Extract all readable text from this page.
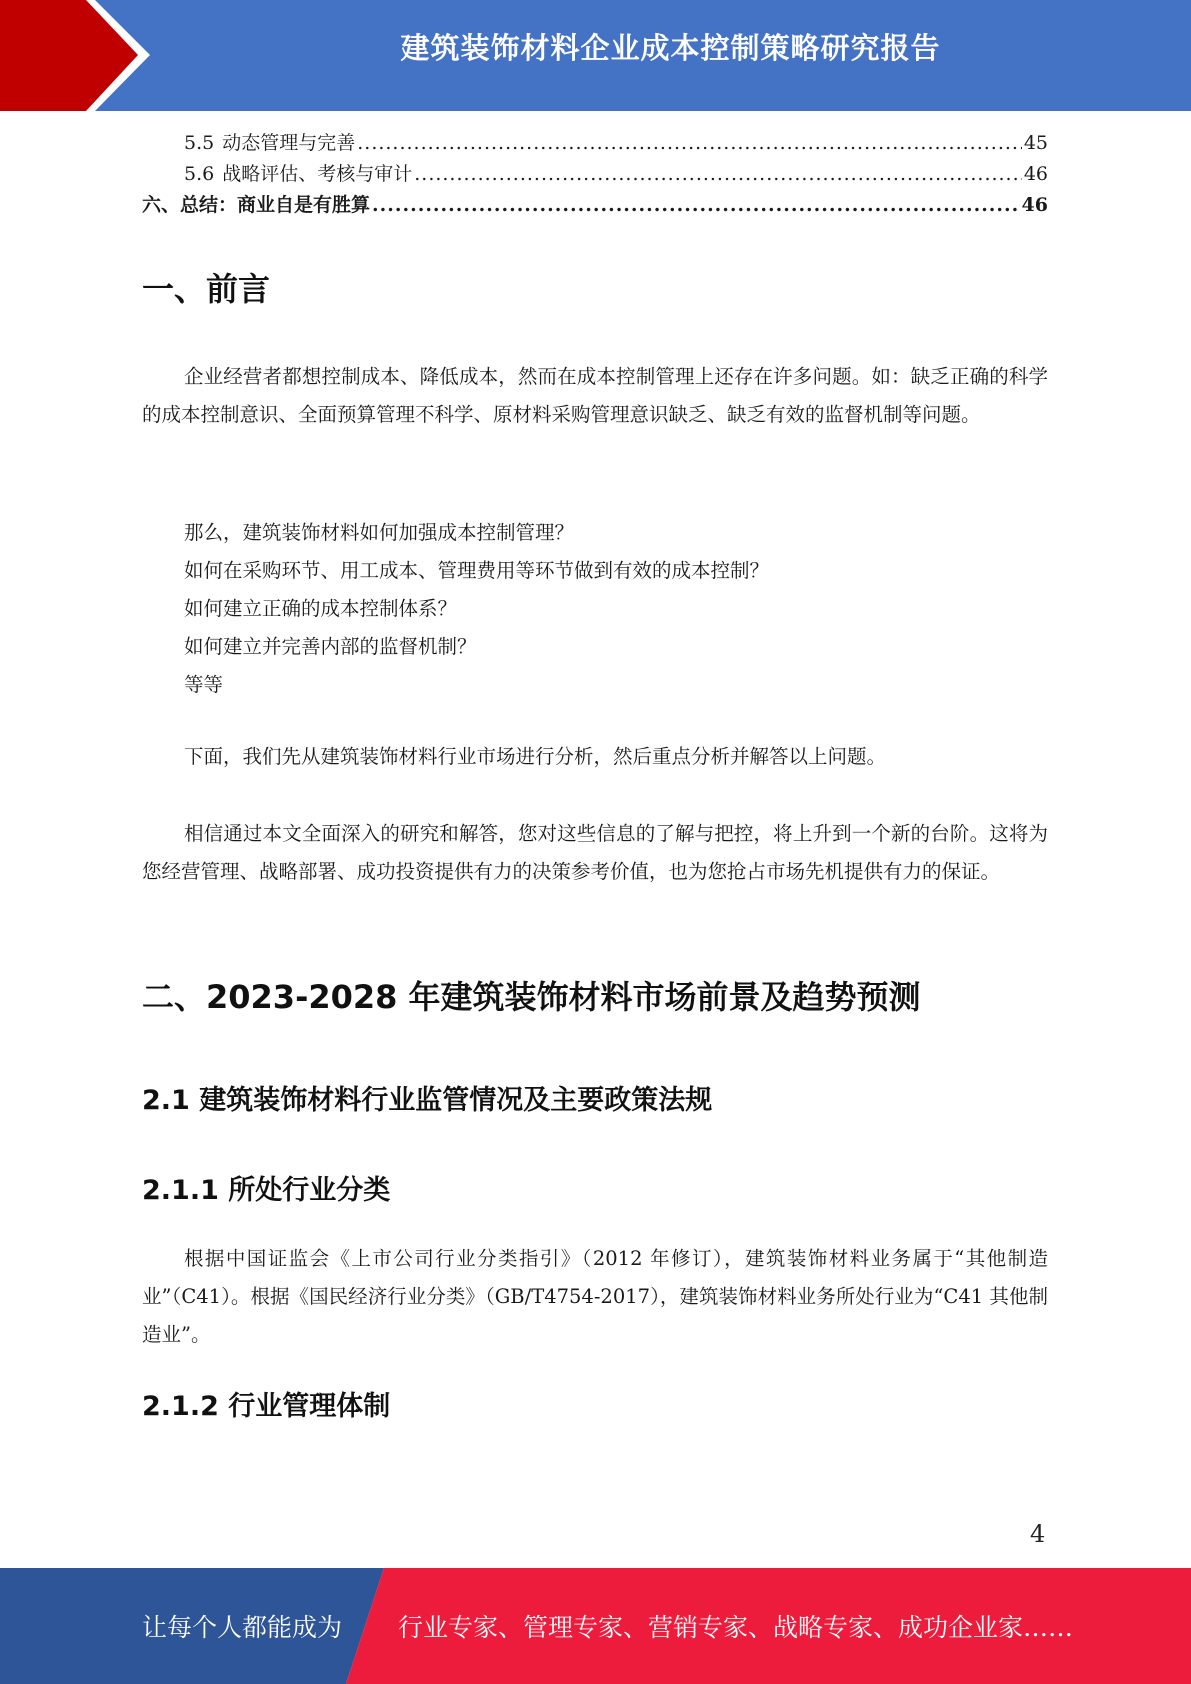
建筑装饰材料企业成本控制策略研究报告
5.5 动态管理与完善 .....	45
5.6 战略评估、考核与审计 .....	46
六、总结：商业自是有胜算 .....	46
一、前言

企业经营者都想控制成本、降低成本，然而在成本控制管理上还存在许多问题。如：缺乏正确的科学的成本控制意识、全面预算管理不科学、原材料采购管理意识缺乏、缺乏有效的监督机制等问题。

那么，建筑装饰材料如何加强成本控制管理？
如何在采购环节、用工成本、管理费用等环节做到有效的成本控制？
如何建立正确的成本控制体系？
如何建立并完善内部的监督机制？
等等

下面，我们先从建筑装饰材料行业市场进行分析，然后重点分析并解答以上问题。

相信通过本文全面深入的研究和解答，您对这些信息的了解与把控，将上升到一个新的台阶。这将为您经营管理、战略部署、成功投资提供有力的决策参考价值，也为您抢占市场先机提供有力的保证。

二、2023-2028 年建筑装饰材料市场前景及趋势预测
2.1 建筑装饰材料行业监管情况及主要政策法规
2.1.1 所处行业分类

根据中国证监会《上市公司行业分类指引》（2012 年修订），建筑装饰材料业务属于“其他制造业”（C41）。根据《国民经济行业分类》（GB/T4754-2017），建筑装饰材料业务所处行业为“C41 其他制造业”。

2.1.2 行业管理体制
4
让每个人都能成为 行业专家、管理专家、营销专家、战略专家、成功企业家……
